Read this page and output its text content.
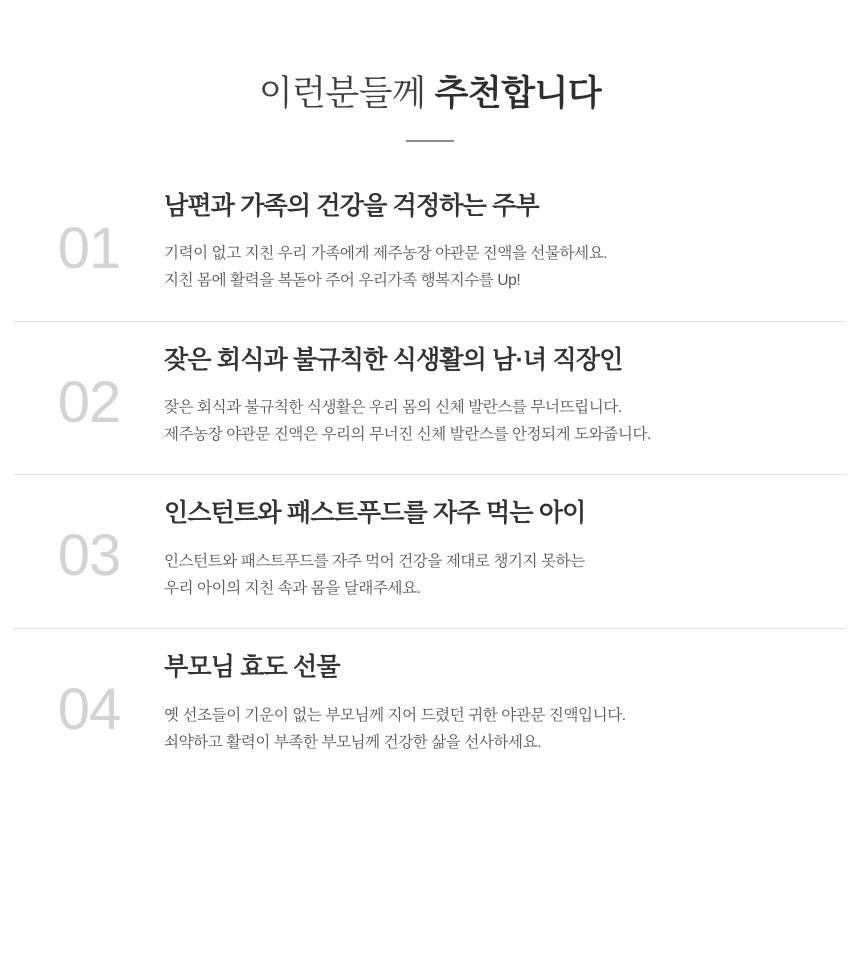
이런분들께 추천합니다
01
남편과 가족의 건강을 걱정하는 주부

기력이 없고 지친 우리 가족에게 제주농장 야관문 진액을 선물하세요.
지친 몸에 활력을 복돋아 주어 우리가족 행복지수를 Up!

02
잦은 회식과 불규칙한 식생활의 남·녀 직장인

잦은 회식과 불규칙한 식생활은 우리 몸의 신체 발란스를 무너뜨립니다.
제주농장 야관문 진액은 우리의 무너진 신체 발란스를 안정되게 도와줍니다.

03
인스턴트와 패스트푸드를 자주 먹는 아이

인스턴트와 패스트푸드를 자주 먹어 건강을 제대로 챙기지 못하는
우리 아이의 지친 속과 몸을 달래주세요.

04
부모님 효도 선물

옛 선조들이 기운이 없는 부모님께 지어 드렸던 귀한 야관문 진액입니다.
쇠약하고 활력이 부족한 부모님께 건강한 삶을 선사하세요.
